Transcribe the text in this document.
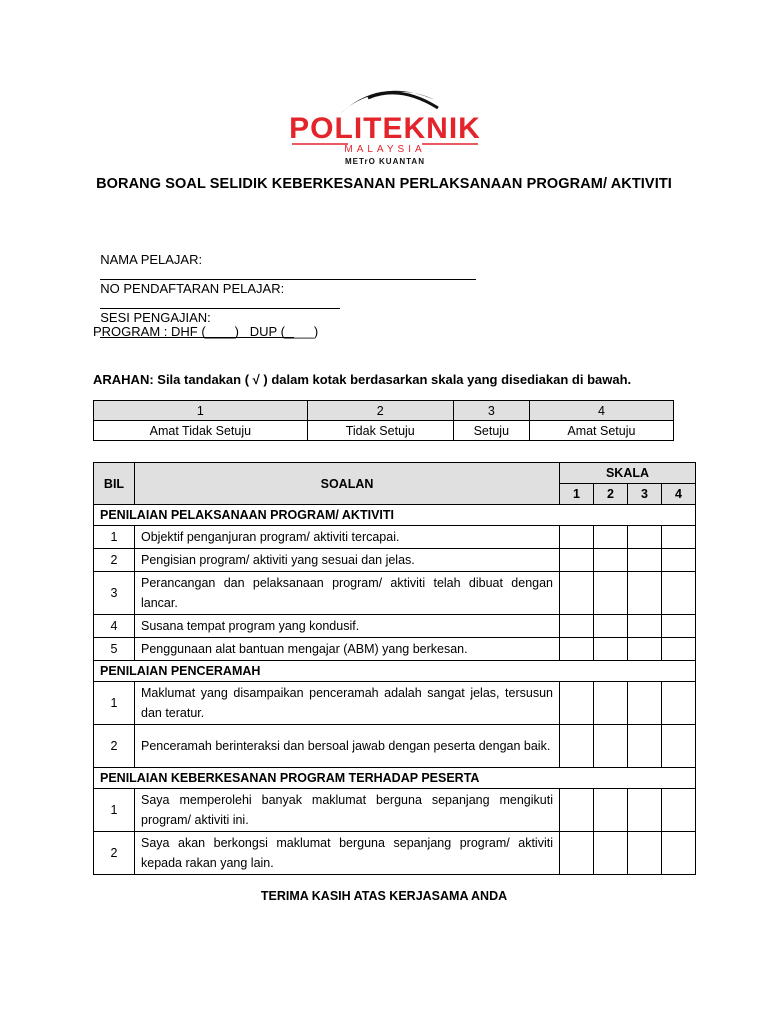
POLITEKNIK
MALAYSIA
METrO KUANTAN
BORANG SOAL SELIDIK KEBERKESANAN PERLAKSANAAN PROGRAM/ AKTIVITI

NAMA PELAJAR:

NO PENDAFTARAN PELAJAR:

SESI PENGAJIAN:

PROGRAM : DHF (____)   DUP (____)
ARAHAN: Sila tandakan ( √ ) dalam kotak berdasarkan skala yang disediakan di bawah.
1	2	3	4
Amat Tidak Setuju	Tidak Setuju	Setuju	Amat Setuju
BIL	SOALAN	SKALA			
		1	2	3	4
PENILAIAN PELAKSANAAN PROGRAM/ AKTIVITI					
1	Objektif penganjuran program/ aktiviti tercapai.				
2	Pengisian program/ aktiviti yang sesuai dan jelas.				
3	Perancangan dan pelaksanaan program/ aktiviti telah dibuat dengan lancar.				
4	Susana tempat program yang kondusif.				
5	Penggunaan alat bantuan mengajar (ABM) yang berkesan.				
PENILAIAN PENCERAMAH					
1	Maklumat yang disampaikan penceramah adalah sangat jelas, tersusun dan teratur.				
2	Penceramah berinteraksi dan bersoal jawab dengan peserta dengan baik.				
PENILAIAN KEBERKESANAN PROGRAM TERHADAP PESERTA					
1	Saya memperolehi banyak maklumat berguna sepanjang mengikuti program/ aktiviti ini.				
2	Saya akan berkongsi maklumat berguna sepanjang program/ aktiviti kepada rakan yang lain.				
TERIMA KASIH ATAS KERJASAMA ANDA
